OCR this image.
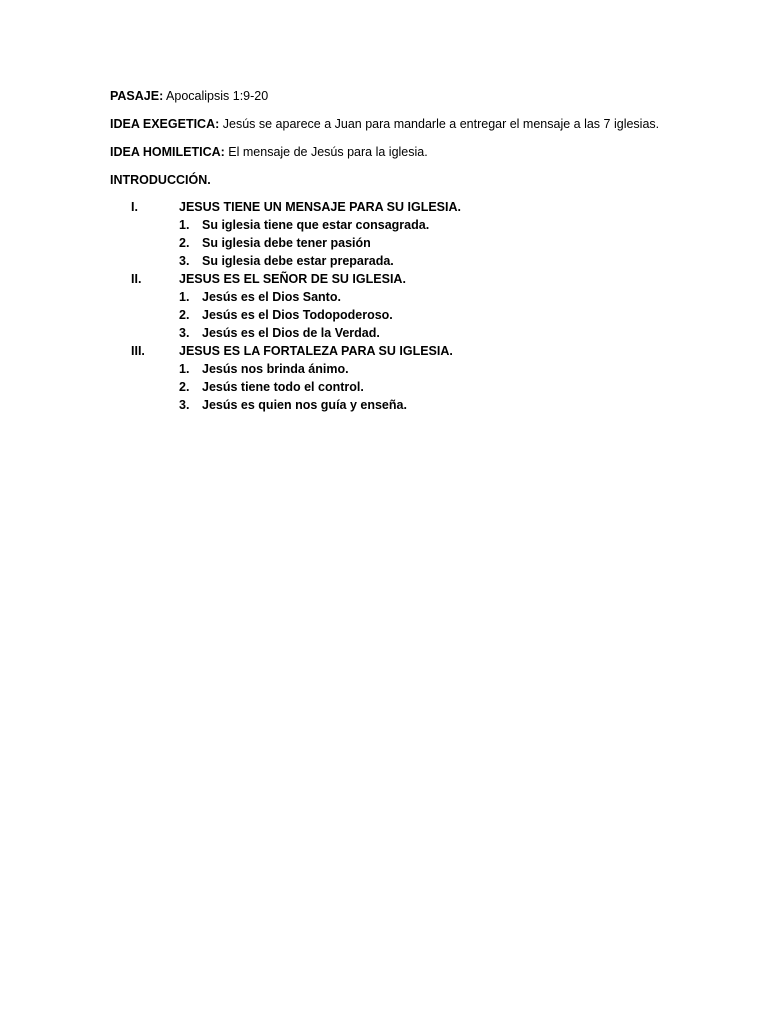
PASAJE: Apocalipsis 1:9-20

IDEA EXEGETICA: Jesús se aparece a Juan para mandarle a entregar el mensaje a las 7 iglesias.

IDEA HOMILETICA: El mensaje de Jesús para la iglesia.

INTRODUCCIÓN.

I.	JESUS TIENE UN MENSAJE PARA SU IGLESIA.
1. Su iglesia tiene que estar consagrada.
2. Su iglesia debe tener pasión
3. Su iglesia debe estar preparada.
II.	JESUS ES EL SEÑOR DE SU IGLESIA.
1. Jesús es el Dios Santo.
2. Jesús es el Dios Todopoderoso.
3. Jesús es el Dios de la Verdad.
III.	JESUS ES LA FORTALEZA PARA SU IGLESIA.
1. Jesús nos brinda ánimo.
2. Jesús tiene todo el control.
3. Jesús es quien nos guía y enseña.
